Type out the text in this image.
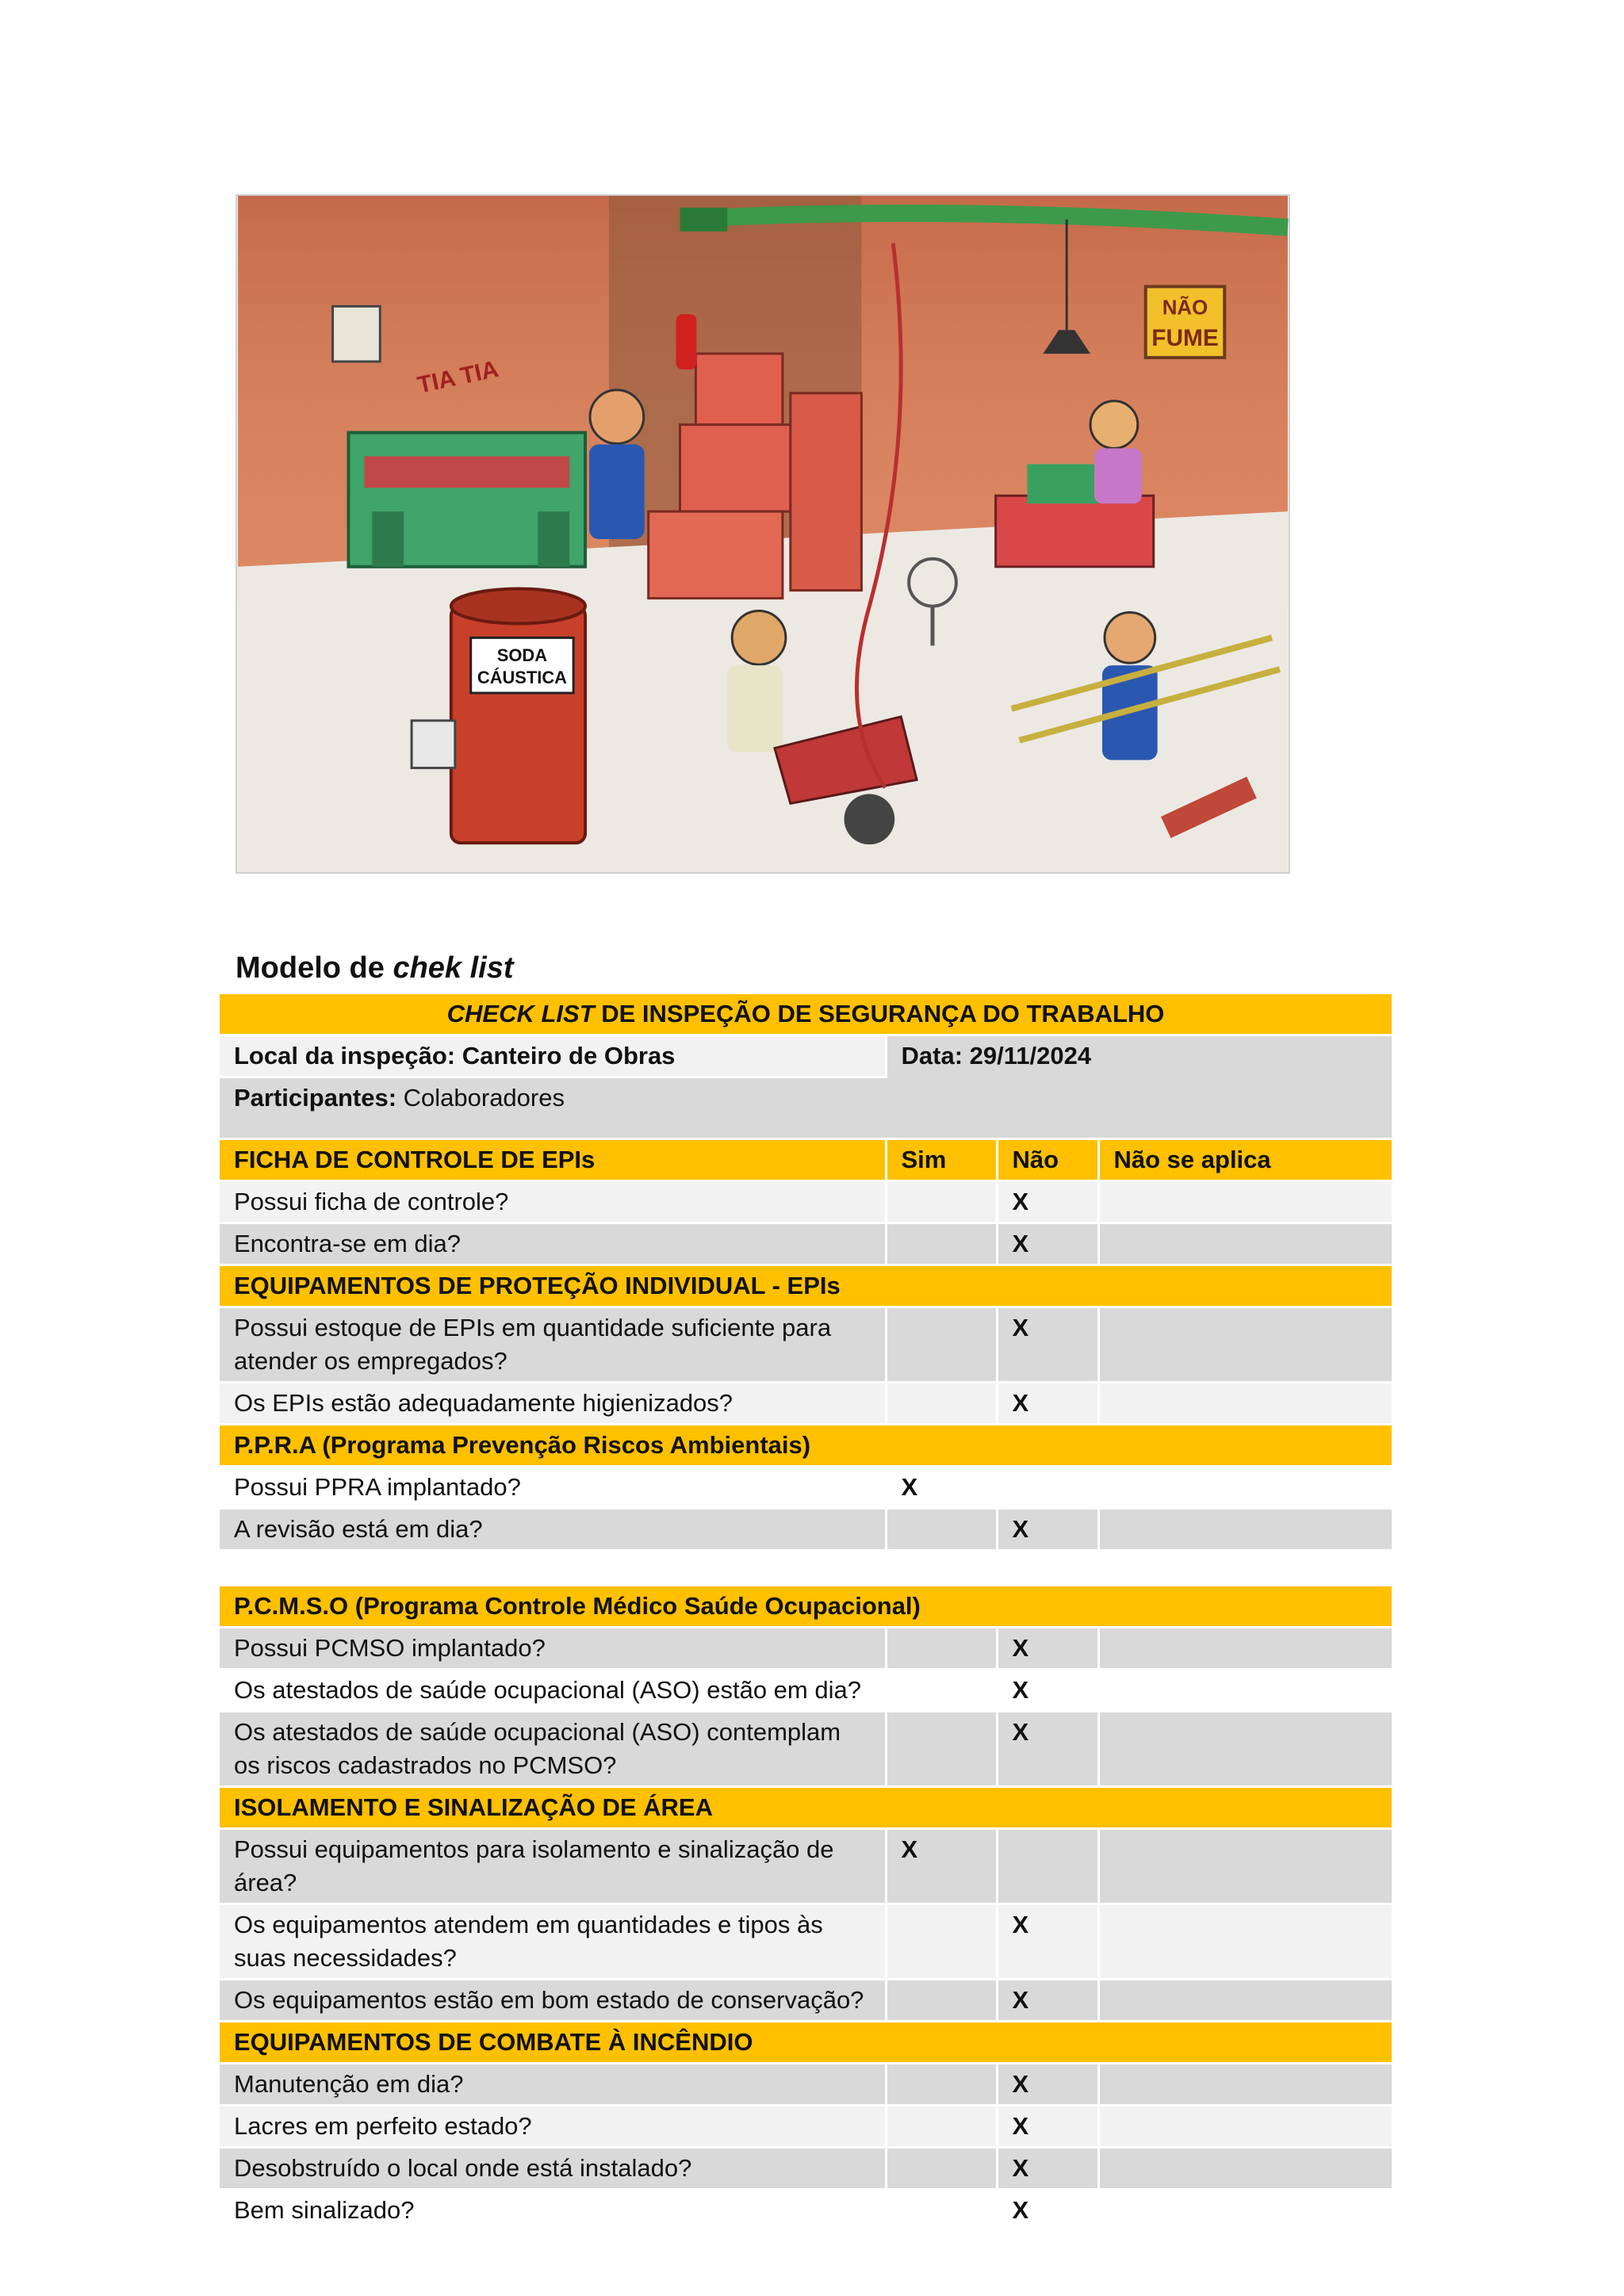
NÃO
FUME
TIA TIA
SODA
CÁUSTICA
Modelo de chek list
CHECK LIST DE INSPEÇÃO DE SEGURANÇA DO TRABALHO			
Local da inspeção: Canteiro de Obras	Data: 29/11/2024		
Participantes: Colaboradores			
FICHA DE CONTROLE DE EPIs	Sim	Não	Não se aplica
Possui ficha de controle?		X	
Encontra-se em dia?		X	
EQUIPAMENTOS DE PROTEÇÃO INDIVIDUAL - EPIs			
Possui estoque de EPIs em quantidade suficiente para atender os empregados?		X	
Os EPIs estão adequadamente higienizados?		X	
P.P.R.A (Programa Prevenção Riscos Ambientais)			
Possui PPRA implantado?	X		
A revisão está em dia?		X	

P.C.M.S.O (Programa Controle Médico Saúde Ocupacional)			
Possui PCMSO implantado?		X	
Os atestados de saúde ocupacional (ASO) estão em dia?		X	
Os atestados de saúde ocupacional (ASO) contemplam os riscos cadastrados no PCMSO?		X	
ISOLAMENTO E SINALIZAÇÃO DE ÁREA			
Possui equipamentos para isolamento e sinalização de área?	X		
Os equipamentos atendem em quantidades e tipos às suas necessidades?		X	
Os equipamentos estão em bom estado de conservação?		X	
EQUIPAMENTOS DE COMBATE À INCÊNDIO			
Manutenção em dia?		X	
Lacres em perfeito estado?		X	
Desobstruído o local onde está instalado?		X	
Bem sinalizado?		X	
